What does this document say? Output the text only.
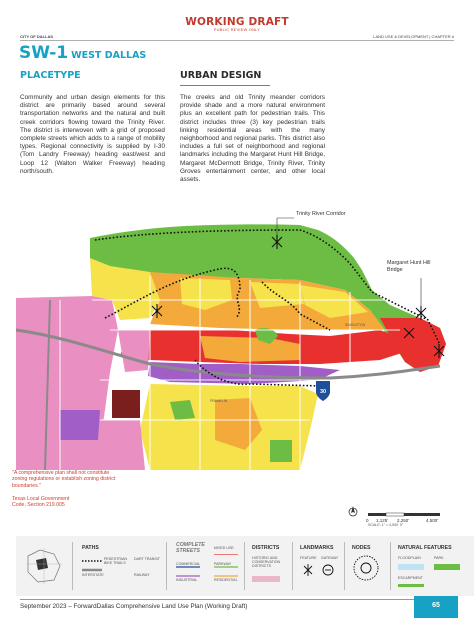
WORKING DRAFT
PUBLIC REVIEW ONLY
CITY OF DALLAS	LAND USE & DEVELOPMENT | CHAPTER #
SW-1 WEST DALLAS
PLACETYPE	URBAN DESIGN
Community and urban design elements for this district are primarily based around several transportation networks and the natural and built creek corridors flowing toward the Trinity River. The district is interwoven with a grid of proposed complete streets which adds to a range of mobility types. Regional connectivity is supplied by I-30 (Tom Landry Freeway) heading east/west and Loop 12 (Walton Walker Freeway) heading north/south.
The creeks and old Trinity meander corridors provide shade and a more natural environment plus an excellent path for pedestrian trails. This district includes three (3) key pedestrian trails linking residential areas with the many neighborhood and regional parks. This district also includes a full set of neighborhood and regional landmarks including the Margaret Hunt Hill Bridge, Margaret McDermott Bridge, Trinity River, Trinity Groves entertainment center, and other local assets.
30
SINGLETON
FRANKLIN
Trinity River Corridor
Margaret Hunt Hill
Bridge
"A comprehensive plan shall not constitute zoning regulations or establish zoning district boundaries."
Texas Local Government
Code, Section 219.005
0 1,125' 2,250'	4,500'
SCALE: 1" = 4,500' 0"
PATHS
PEDESTRIAN BIKE TRAILS
DART TRANSIT
INTERSTATE	RAILWAY
COMPLETE STREETS	MIXED USE
COMMERCIAL	PARKWAY
INDUSTRIAL	RESIDENTIAL
DISTRICTS
HISTORIC AND CONSERVATION DISTRICTS
LANDMARKS
FEATURE GATEWAY
NODES	NATURAL FEATURES
FLOODPLAIN	PARK
ESCARPMENT
September 2023 – ForwardDallas Comprehensive Land Use Plan (Working Draft)	65
